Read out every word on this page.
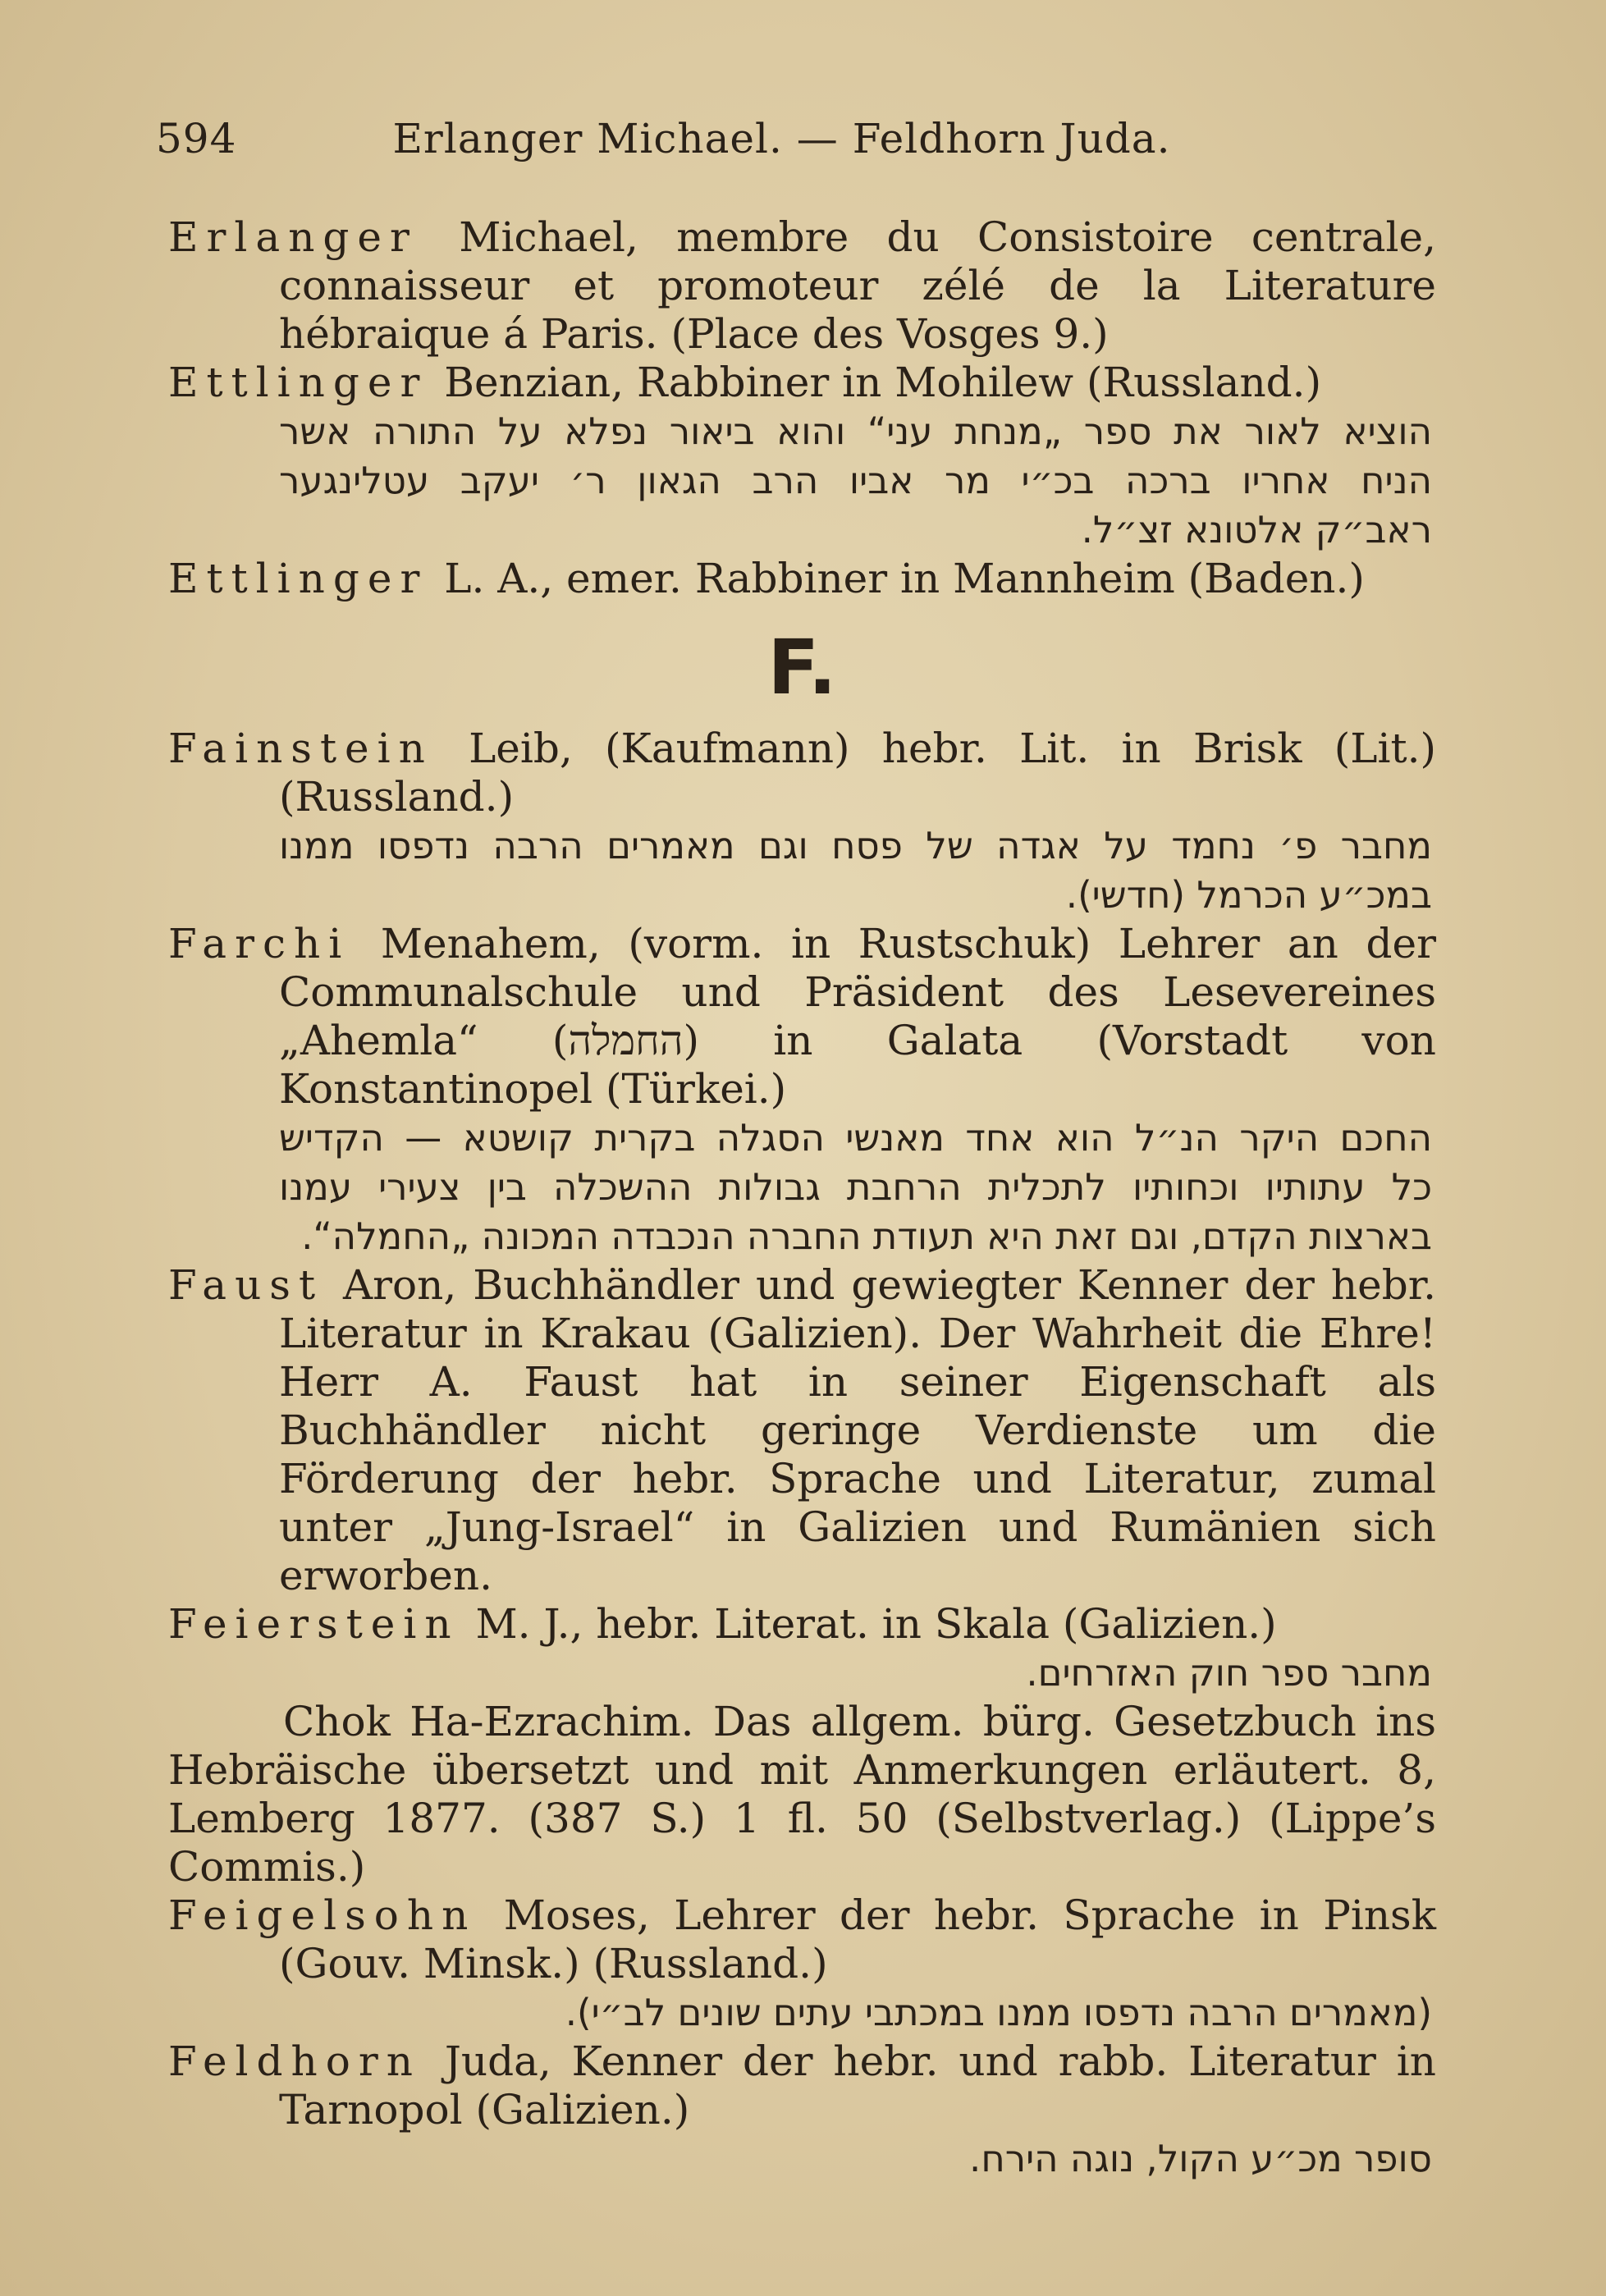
594	Erlanger Michael. — Feldhorn Juda.

Erlanger Michael, membre du Consistoire centrale, connaisseur et promoteur zélé de la Literature hébraique á Paris. (Place des Vosges 9.)

Ettlinger Benzian, Rabbiner in Mohilew (Russland.)

הוציא לאור את ספר „מנחת עני“ והוא ביאור נפלא על התורה אשר
הניח אחריו ברכה בכ״י מר אביו הרב הגאון ר׳ יעקב עטלינגער
ראב״ק אלטונא זצ״ל.

Ettlinger L. A., emer. Rabbiner in Mannheim (Baden.)

F.

Fainstein Leib, (Kaufmann) hebr. Lit. in Brisk (Lit.) (Russland.)

מחבר פ׳ נחמד על אגדה של פסח וגם מאמרים הרבה נדפסו ממנו
במכ״ע הכרמל (חדשי).

Farchi Menahem, (vorm. in Rustschuk) Lehrer an der Communalschule und Präsident des Lesevereines „Ahemla“ (החמלה) in Galata (Vorstadt von Konstantinopel (Türkei.)

החכם היקר הנ״ל הוא אחד מאנשי הסגלה בקרית קושטא — הקדיש
כל עתותיו וכחותיו לתכלית הרחבת גבולות ההשכלה בין צעירי עמנו
בארצות הקדם, וגם זאת היא תעודת החברה הנכבדה המכונה „החמלה“.

Faust Aron, Buchhändler und gewiegter Kenner der hebr. Literatur in Krakau (Galizien). Der Wahrheit die Ehre! Herr A. Faust hat in seiner Eigenschaft als Buchhändler nicht geringe Verdienste um die Förderung der hebr. Sprache und Literatur, zumal unter „Jung-Israel“ in Galizien und Rumänien sich erworben.

Feierstein M. J., hebr. Literat. in Skala (Galizien.)

מחבר ספר חוק האזרחים.

Chok Ha-Ezrachim. Das allgem. bürg. Gesetzbuch ins Hebräische übersetzt und mit Anmerkungen erläutert. 8, Lemberg 1877. (387 S.) 1 fl. 50 (Selbstverlag.) (Lippe’s Commis.)

Feigelsohn Moses, Lehrer der hebr. Sprache in Pinsk (Gouv. Minsk.) (Russland.)

(מאמרים הרבה נדפסו ממנו במכתבי עתים שונים לב״י).

Feldhorn Juda, Kenner der hebr. und rabb. Literatur in Tarnopol (Galizien.)

סופר מכ״ע הקול, נוגה הירח.
